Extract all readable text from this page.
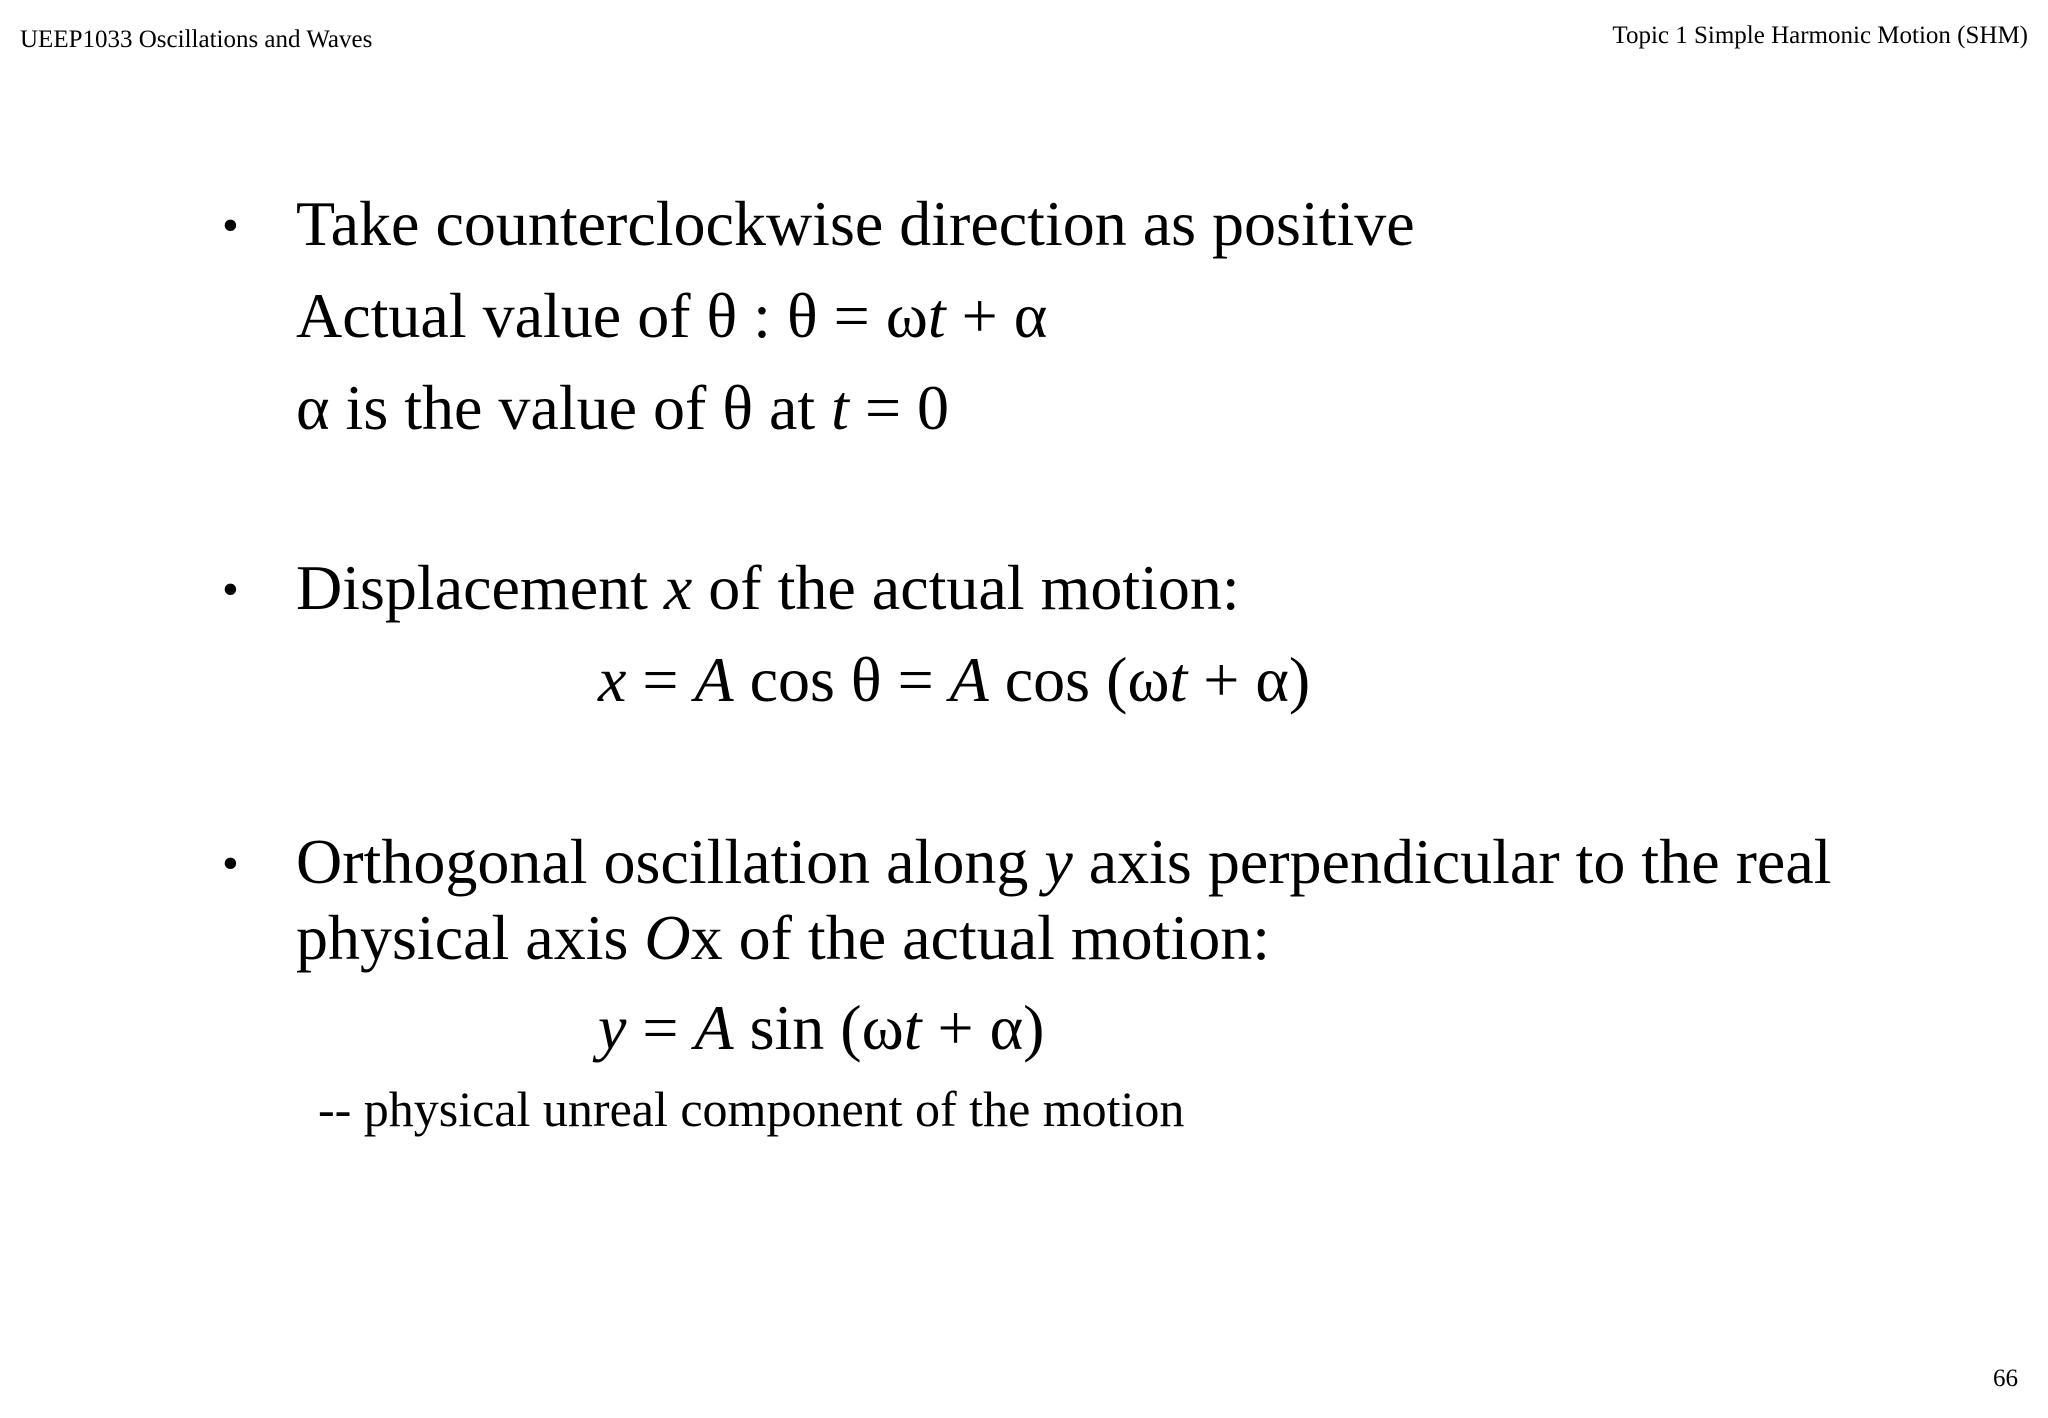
UEEP1033 Oscillations and Waves	Topic 1 Simple Harmonic Motion (SHM)
• Take counterclockwise direction as positive
Actual value of θ : θ = ωt + α
α is the value of θ at t = 0
• Displacement x of the actual motion:
x = A cos θ = A cos (ωt + α)
• Orthogonal oscillation along y axis perpendicular to the real
physical axis Ox of the actual motion:
y = A sin (ωt + α)
-- physical unreal component of the motion
66
